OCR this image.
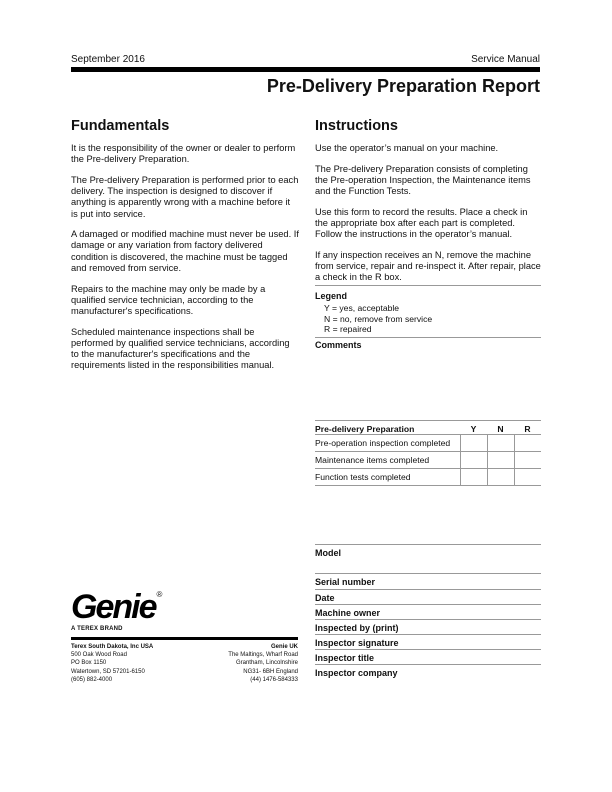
September 2016	Service Manual
Pre-Delivery Preparation Report
Fundamentals

It is the responsibility of the owner or dealer to perform the Pre-delivery Preparation.

The Pre-delivery Preparation is performed prior to each delivery. The inspection is designed to discover if anything is apparently wrong with a machine before it is put into service.

A damaged or modified machine must never be used. If damage or any variation from factory delivered condition is discovered, the machine must be tagged and removed from service.

Repairs to the machine may only be made by a qualified service technician, according to the manufacturer's specifications.

Scheduled maintenance inspections shall be performed by qualified service technicians, according to the manufacturer's specifications and the requirements listed in the responsibilities manual.

Instructions

Use the operator’s manual on your machine.

The Pre-delivery Preparation consists of completing the Pre-operation Inspection, the Maintenance items and the Function Tests.

Use this form to record the results. Place a check in the appropriate box after each part is completed. Follow the instructions in the operator’s manual.

If any inspection receives an N, remove the machine from service, repair and re-inspect it. After repair, place a check in the R box.

Legend
Y = yes, acceptable
N = no, remove from service
R = repaired
Comments
Pre-delivery Preparation	Y	N	R
Pre-operation inspection completed			
Maintenance items completed			
Function tests completed			
Model
Serial number
Date
Machine owner
Inspected by (print)
Inspector signature
Inspector title
Inspector company
Genie®
A TEREX BRAND
Terex South Dakota, Inc USA
500 Oak Wood Road
PO Box 1150
Watertown, SD 57201-6150
(605) 882-4000
Genie UK
The Maltings, Wharf Road
Grantham, Lincolnshire
NG31- 6BH England
(44) 1476-584333
